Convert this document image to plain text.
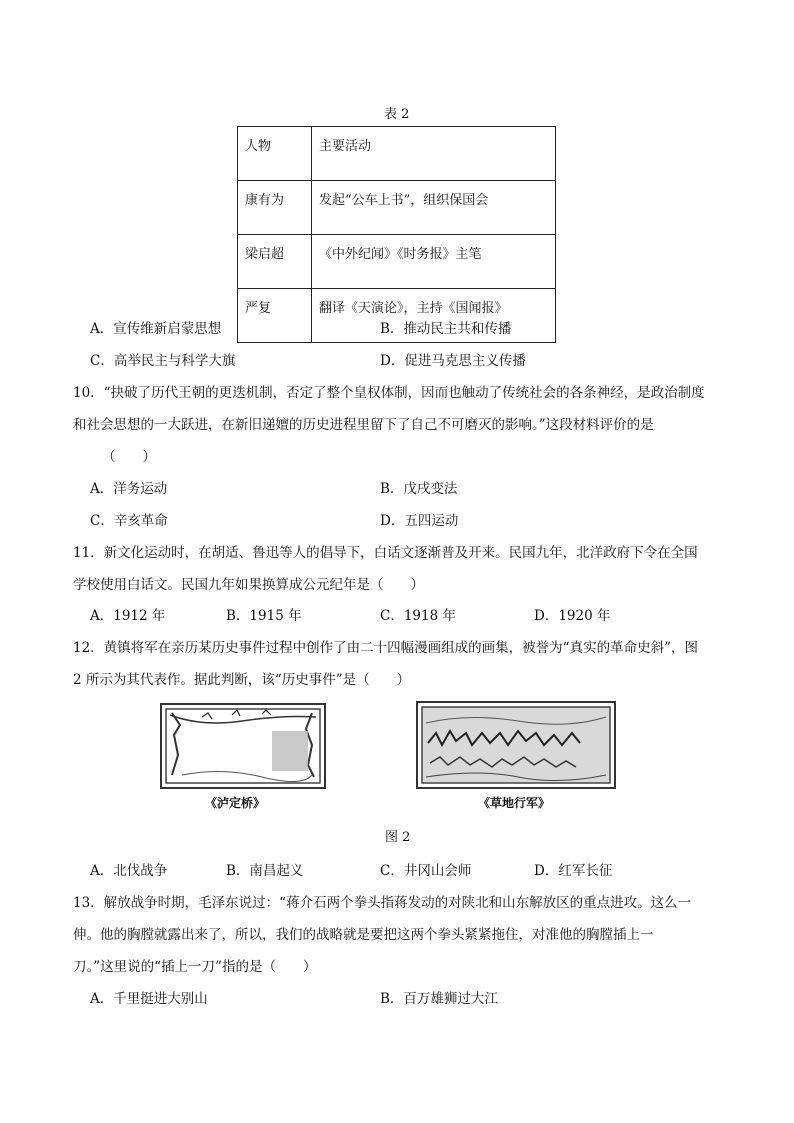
表 2
人物	主要活动
康有为	发起“公车上书”，组织保国会
梁启超	《中外纪闻》《时务报》主笔
严复	翻译《天演论》，主持《国闻报》
A．宣传维新启蒙思想	B．推动民主共和传播
C．高举民主与科学大旗	D．促进马克思主义传播
10．“抉破了历代王朝的更迭机制，否定了整个皇权体制，因而也触动了传统社会的各条神经，是政治制度
和社会思想的一大跃进，在新旧递嬗的历史进程里留下了自己不可磨灭的影响。”这段材料评价的是
（　　）
A．洋务运动	B．戊戌变法
C．辛亥革命	D．五四运动
11．新文化运动时，在胡适、鲁迅等人的倡导下，白话文逐渐普及开来。民国九年，北洋政府下令在全国
学校使用白话文。民国九年如果换算成公元纪年是（　　）
A．1912 年	B．1915 年	C．1918 年	D．1920 年
12．黄镇将军在亲历某历史事件过程中创作了由二十四幅漫画组成的画集，被誉为“真实的革命史斜”，图
2 所示为其代表作。据此判断，该“历史事件”是（　　）
《泸定桥》	《草地行军》
图 2
A．北伐战争	B．南昌起义	C．井冈山会师	D．红军长征
13．解放战争时期，毛泽东说过：“蒋介石两个拳头指蒋发动的对陕北和山东解放区的重点进攻。这么一
伸。他的胸膛就露出来了，所以，我们的战略就是要把这两个拳头紧紧拖住，对准他的胸膛插上一
刀。”这里说的“插上一刀”指的是（　　）
A．千里挺进大别山	B．百万雄狮过大江
